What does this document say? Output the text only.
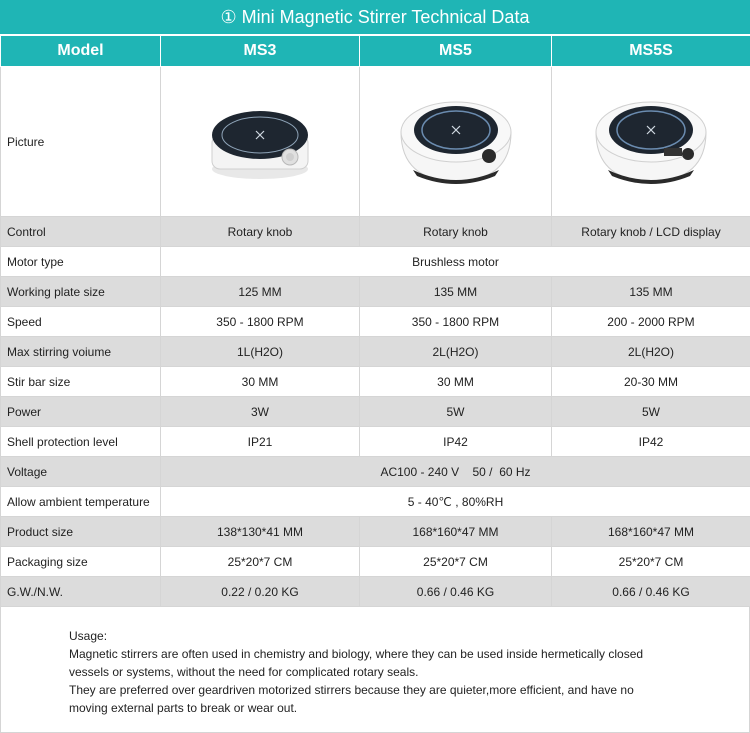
① Mini Magnetic Stirrer Technical Data
Model	MS3	MS5	MS5S
Picture	

Control	Rotary knob	Rotary knob	Rotary knob / LCD display
Motor type	Brushless motor		
Working plate size	125 MM	135 MM	135 MM
Speed	350 - 1800 RPM	350 - 1800 RPM	200 - 2000 RPM
Max stirring voiume	1L(H2O)	2L(H2O)	2L(H2O)
Stir bar size	30 MM	30 MM	20-30 MM
Power	3W	5W	5W
Shell protection level	IP21	IP42	IP42
Voltage	AC100 - 240 V    50 /  60 Hz		
Allow ambient temperature	5 - 40℃ , 80%RH		
Product size	138*130*41 MM	168*160*47 MM	168*160*47 MM
Packaging size	25*20*7 CM	25*20*7 CM	25*20*7 CM
G.W./N.W.	0.22 / 0.20 KG	0.66 / 0.46 KG	0.66 / 0.46 KG

Usage:

Magnetic stirrers are often used in chemistry and biology, where they can be used inside hermetically closed

vessels or systems, without the need for complicated rotary seals.

They are preferred over geardriven motorized stirrers because they are quieter,more efficient, and have no

moving external parts to break or wear out.
